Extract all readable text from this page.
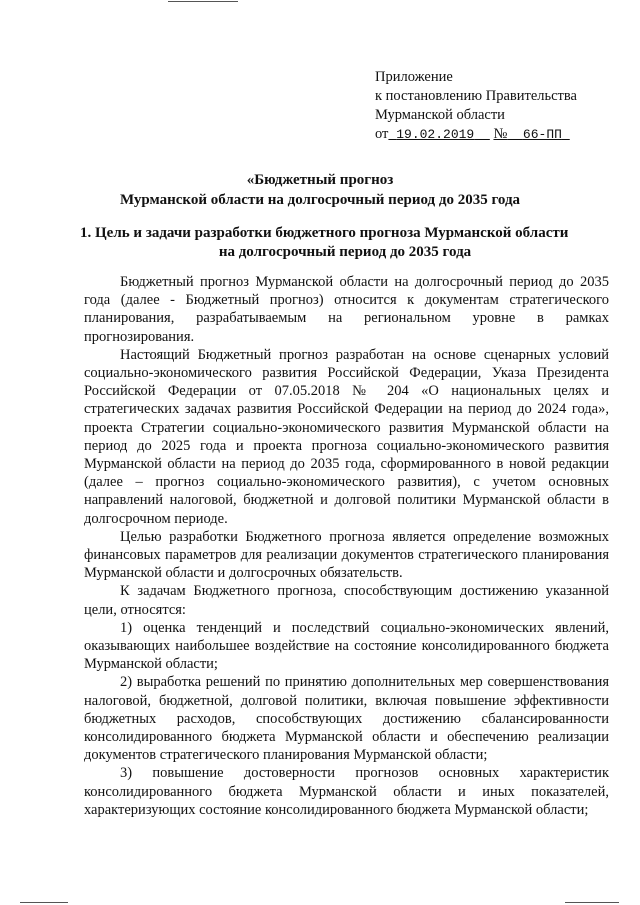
Приложение
к постановлению Правительства
Мурманской области
от 19.02.2019 № 66-ПП
«Бюджетный прогноз
Мурманской области на долгосрочный период до 2035 года
1. Цель и задачи разработки бюджетного прогноза Мурманской области
на долгосрочный период до 2035 года

Бюджетный прогноз Мурманской области на долгосрочный период до 2035 года (далее - Бюджетный прогноз) относится к документам стратегического планирования, разрабатываемым на региональном уровне в рамках прогнозирования.

Настоящий Бюджетный прогноз разработан на основе сценарных условий социально-экономического развития Российской Федерации, Указа Президента Российской Федерации от 07.05.2018 № 204 «О национальных целях и стратегических задачах развития Российской Федерации на период до 2024 года», проекта Стратегии социально-экономического развития Мурманской области на период до 2025 года и проекта прогноза социально-экономического развития Мурманской области на период до 2035 года, сформированного в новой редакции (далее – прогноз социально-экономического развития), с учетом основных направлений налоговой, бюджетной и долговой политики Мурманской области в долгосрочном периоде.

Целью разработки Бюджетного прогноза является определение возможных финансовых параметров для реализации документов стратегического планирования Мурманской области и долгосрочных обязательств.

К задачам Бюджетного прогноза, способствующим достижению указанной цели, относятся:

1) оценка тенденций и последствий социально-экономических явлений, оказывающих наибольшее воздействие на состояние консолидированного бюджета Мурманской области;

2) выработка решений по принятию дополнительных мер совершенствования налоговой, бюджетной, долговой политики, включая повышение эффективности бюджетных расходов, способствующих достижению сбалансированности консолидированного бюджета Мурманской области и обеспечению реализации документов стратегического планирования Мурманской области;

3) повышение достоверности прогнозов основных характеристик консолидированного бюджета Мурманской области и иных показателей, характеризующих состояние консолидированного бюджета Мурманской области;
